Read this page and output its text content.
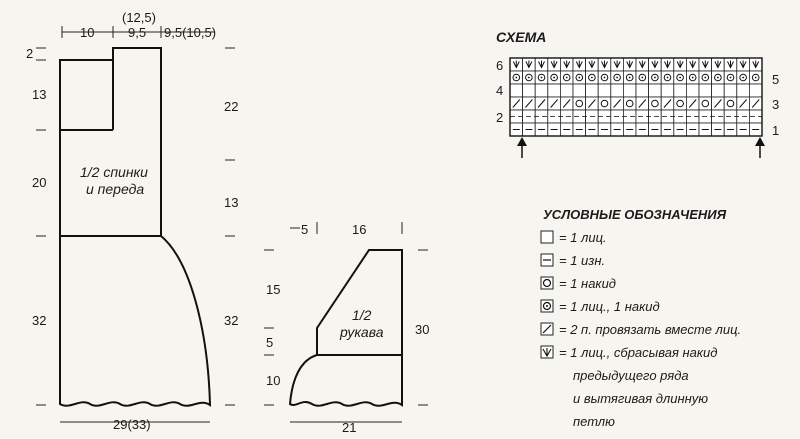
10
(12,5)
9,5 9,5(10,5)
2
13
20
32
22
13
32
29(33)
1/2 спинки
и переда
5	16
15
5
10
30
21
1/2
рукава
СХЕМА
6
4
2
5
3
1
УСЛОВНЫЕ ОБОЗНАЧЕНИЯ
= 1 лиц.
= 1 изн.
= 1 накид
= 1 лиц., 1 накид
= 2 п. провязать вместе лиц.
= 1 лиц., сбрасывая накид
предыдущего ряда
и вытягивая длинную
петлю
